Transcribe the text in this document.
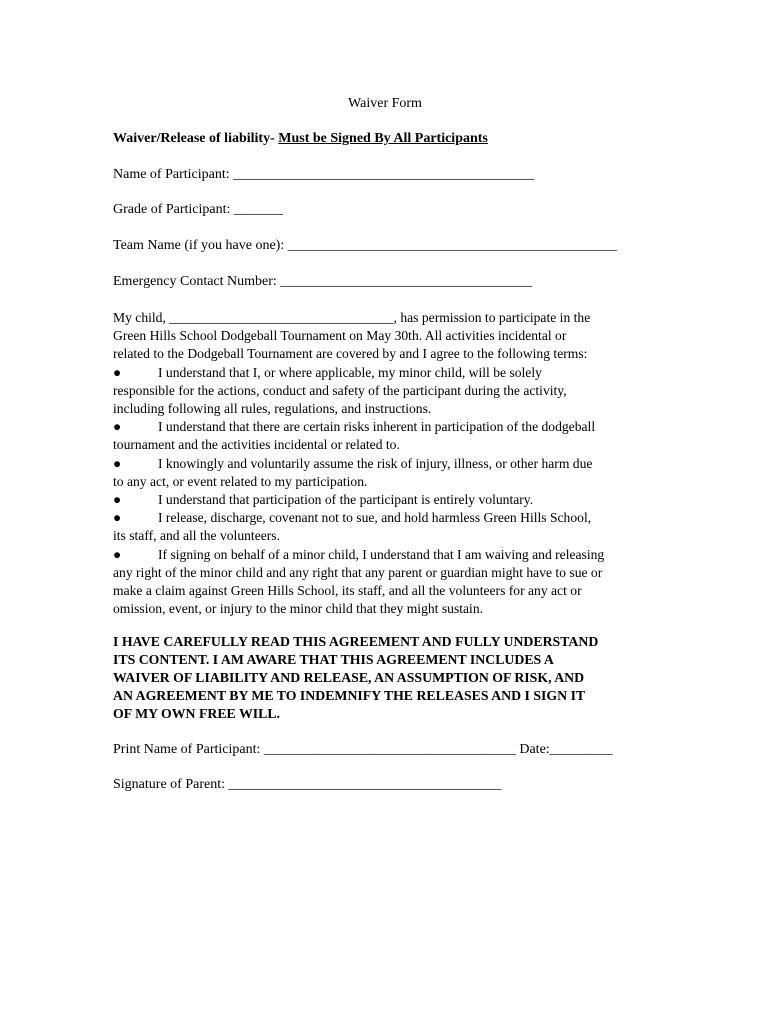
Waiver Form
Waiver/Release of liability- Must be Signed By All Participants
Name of Participant: ___________________________________________
Grade of Participant: _______
Team Name (if you have one): _______________________________________________
Emergency Contact Number: ____________________________________
My child, _________________________________, has permission to participate in the
Green Hills School Dodgeball Tournament on May 30th. All activities incidental or
related to the Dodgeball Tournament are covered by and I agree to the following terms:
●	I understand that I, or where applicable, my minor child, will be solely
responsible for the actions, conduct and safety of the participant during the activity,
including following all rules, regulations, and instructions.
●	I understand that there are certain risks inherent in participation of the dodgeball
tournament and the activities incidental or related to.
●	I knowingly and voluntarily assume the risk of injury, illness, or other harm due
to any act, or event related to my participation.
●	I understand that participation of the participant is entirely voluntary.
●	I release, discharge, covenant not to sue, and hold harmless Green Hills School,
its staff, and all the volunteers.
●	If signing on behalf of a minor child, I understand that I am waiving and releasing
any right of the minor child and any right that any parent or guardian might have to sue or
make a claim against Green Hills School, its staff, and all the volunteers for any act or
omission, event, or injury to the minor child that they might sustain.
I HAVE CAREFULLY READ THIS AGREEMENT AND FULLY UNDERSTAND
ITS CONTENT. I AM AWARE THAT THIS AGREEMENT INCLUDES A
WAIVER OF LIABILITY AND RELEASE, AN ASSUMPTION OF RISK, AND
AN AGREEMENT BY ME TO INDEMNIFY THE RELEASES AND I SIGN IT
OF MY OWN FREE WILL.
Print Name of Participant: ____________________________________ Date:_________
Signature of Parent: _______________________________________
